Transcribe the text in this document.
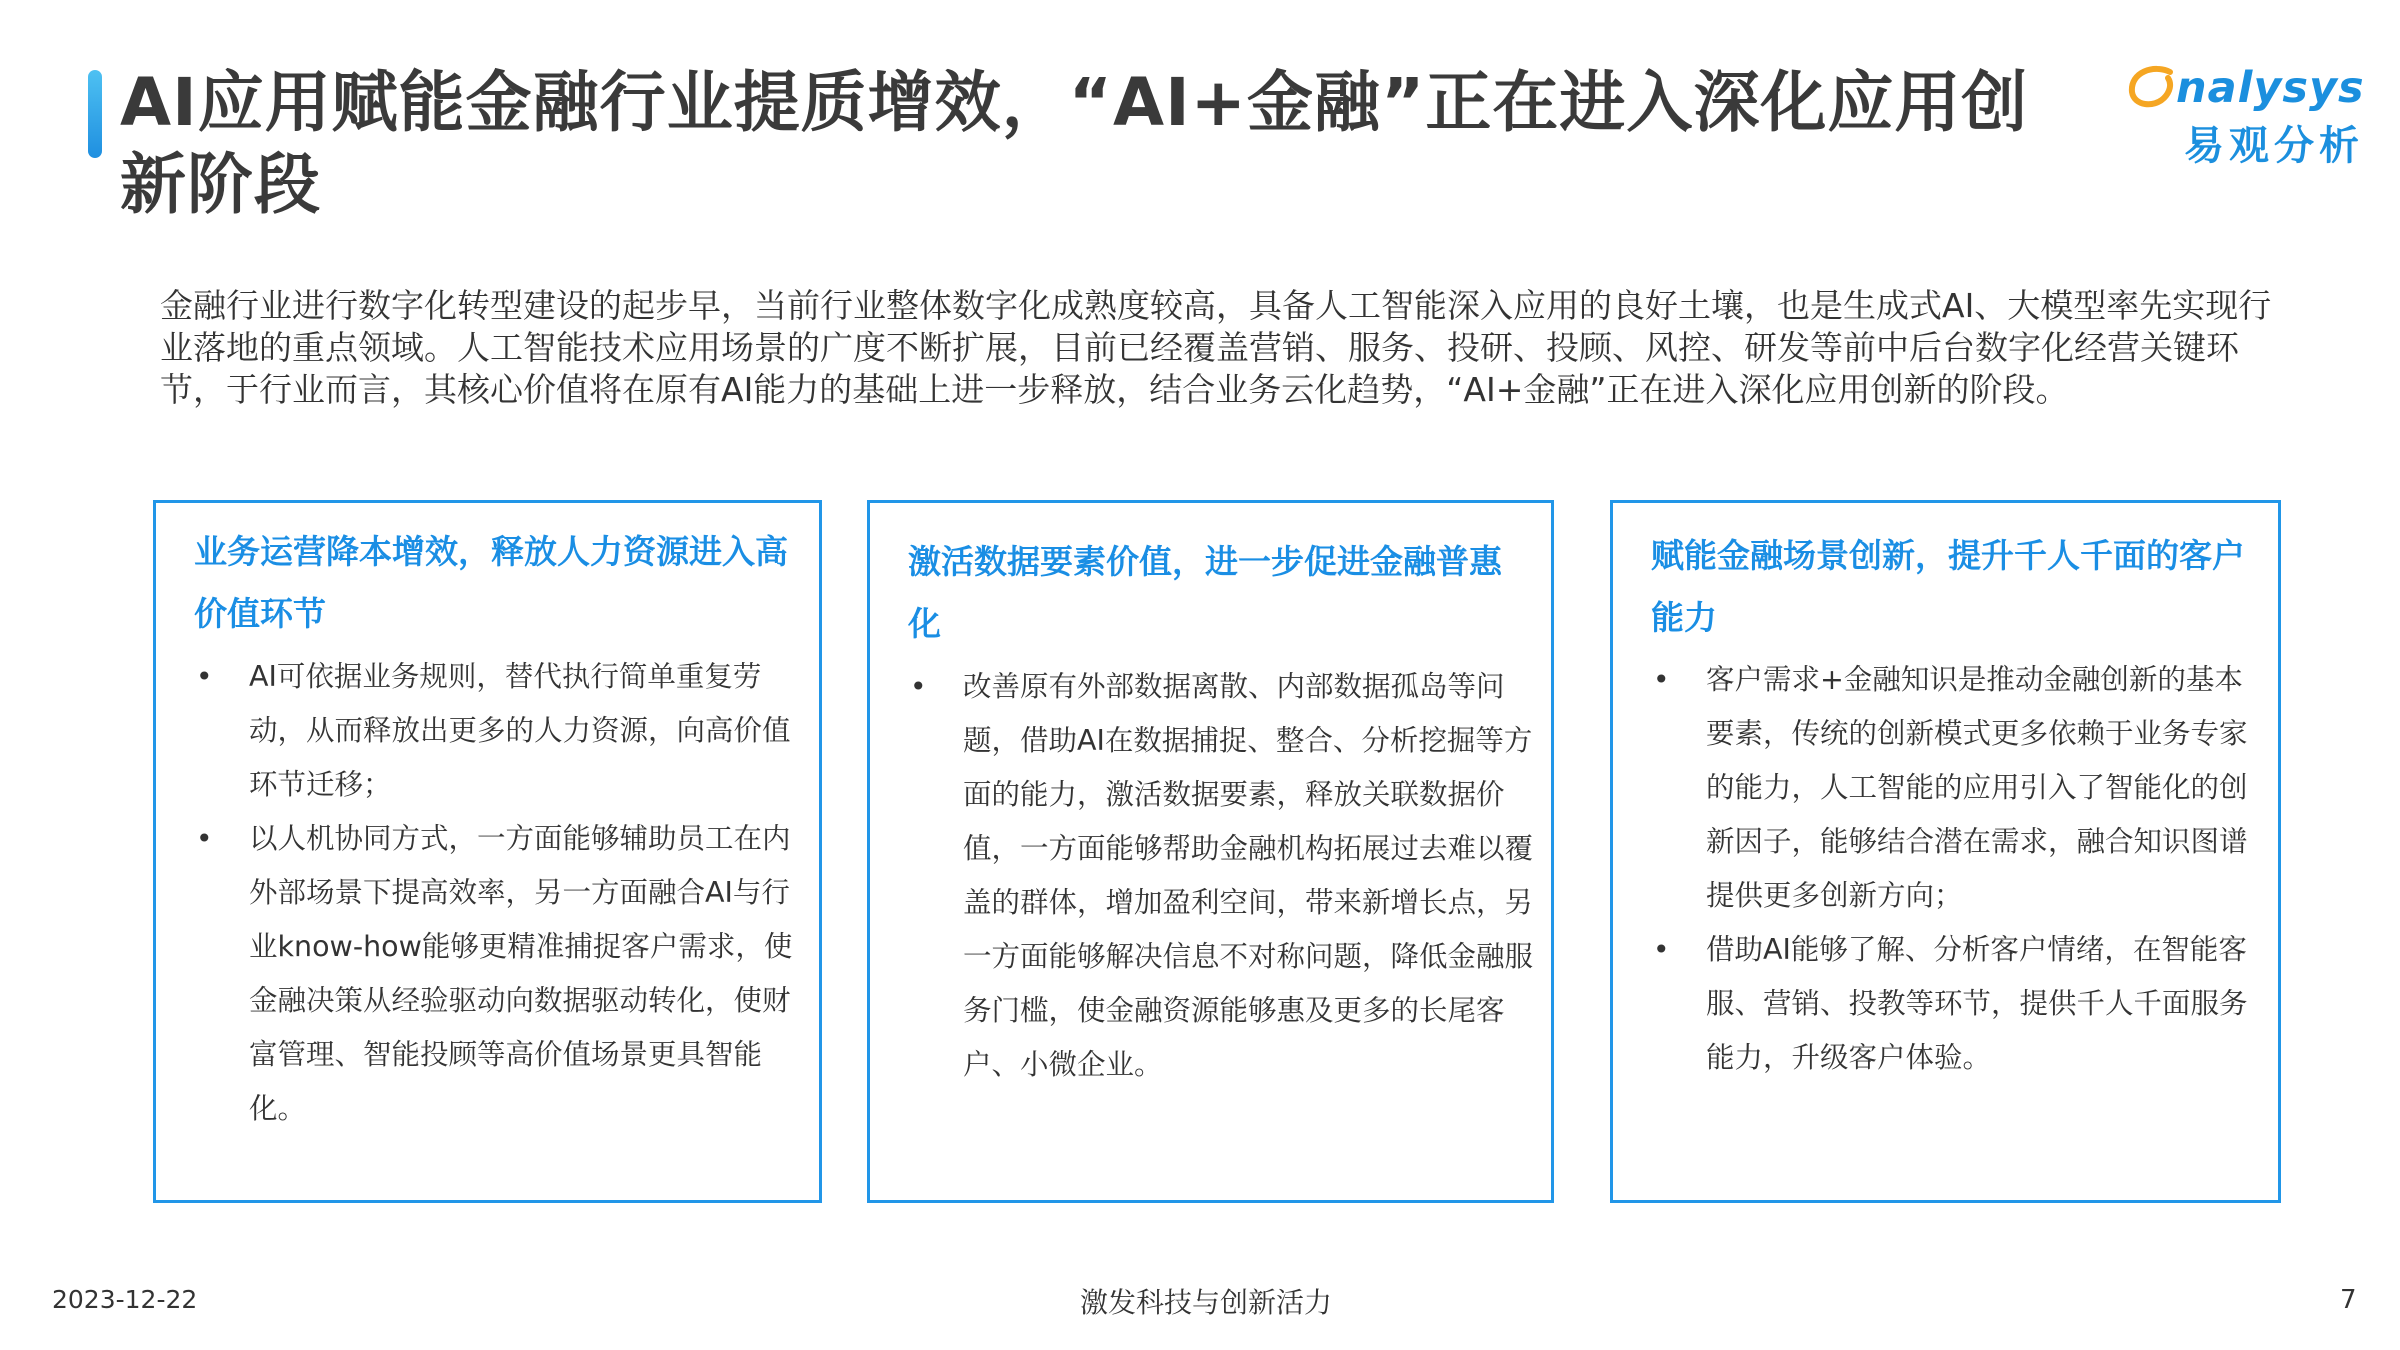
AI应用赋能金融行业提质增效，“AI+金融”正在进入深化应用创新阶段
nalysys
易观分析

金融行业进行数字化转型建设的起步早，当前行业整体数字化成熟度较高，具备人工智能深入应用的良好土壤，也是生成式AI、大模型率先实现行业落地的重点领域。人工智能技术应用场景的广度不断扩展，目前已经覆盖营销、服务、投研、投顾、风控、研发等前中后台数字化经营关键环节，于行业而言，其核心价值将在原有AI能力的基础上进一步释放，结合业务云化趋势，“AI+金融”正在进入深化应用创新的阶段。

业务运营降本增效，释放人力资源进入高价值环节
• AI可依据业务规则，替代执行简单重复劳动，从而释放出更多的人力资源，向高价值环节迁移；
• 以人机协同方式，一方面能够辅助员工在内外部场景下提高效率，另一方面融合AI与行业know-how能够更精准捕捉客户需求，使金融决策从经验驱动向数据驱动转化，使财富管理、智能投顾等高价值场景更具智能化。
激活数据要素价值，进一步促进金融普惠化
• 改善原有外部数据离散、内部数据孤岛等问题，借助AI在数据捕捉、整合、分析挖掘等方面的能力，激活数据要素，释放关联数据价值，一方面能够帮助金融机构拓展过去难以覆盖的群体，增加盈利空间，带来新增长点，另一方面能够解决信息不对称问题，降低金融服务门槛，使金融资源能够惠及更多的长尾客户、小微企业。
赋能金融场景创新，提升千人千面的客户能力
• 客户需求+金融知识是推动金融创新的基本要素，传统的创新模式更多依赖于业务专家的能力，人工智能的应用引入了智能化的创新因子，能够结合潜在需求，融合知识图谱提供更多创新方向；
• 借助AI能够了解、分析客户情绪，在智能客服、营销、投教等环节，提供千人千面服务能力，升级客户体验。
2023-12-22	激发科技与创新活力	7
